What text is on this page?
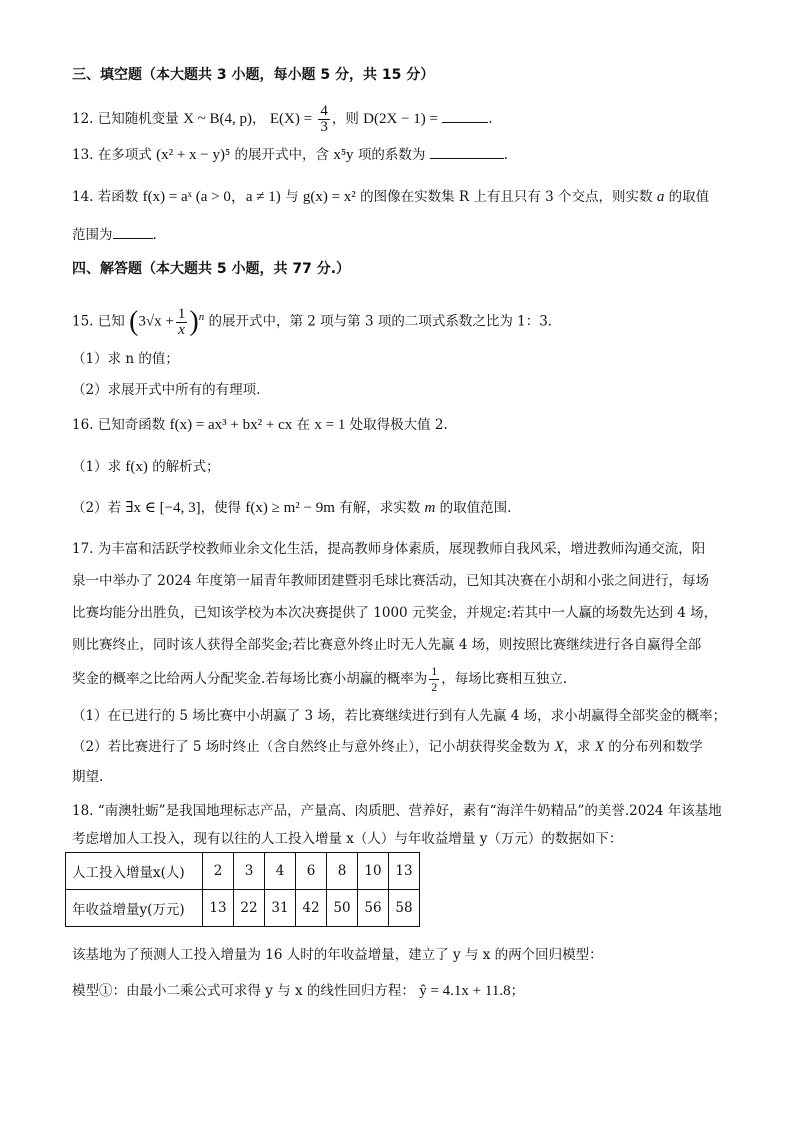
三、填空题（本大题共 3 小题，每小题 5 分，共 15 分）
12. 已知随机变量 X ~ B(4, p)， $E(X) = \frac{4}{3}$ ，则 D(2X − 1) =	.
13. 在多项式 (x² + x − y)⁵ 的展开式中，含 x⁵y 项的系数为	.
14. 若函数 f(x) = aˣ (a > 0，a ≠ 1) 与 g(x) = x² 的图像在实数集 R 上有且只有 3 个交点，则实数 a 的取值
范围为	.
四、解答题（本大题共 5 小题，共 77 分.）
15. 已知 $(3√x + \frac{1}{x} )^n$ 的展开式中，第 2 项与第 3 项的二项式系数之比为 1：3.
（1）求 n 的值；
（2）求展开式中所有的有理项.
16. 已知奇函数 f(x) = ax³ + bx² + cx 在 x = 1 处取得极大值 2.
（1）求 f(x) 的解析式；
（2）若 ∃x ∈ [−4, 3]，使得 f(x) ≥ m² − 9m 有解，求实数 m 的取值范围.
17. 为丰富和活跃学校教师业余文化生活，提高教师身体素质，展现教师自我风采，增进教师沟通交流，阳
泉一中举办了 2024 年度第一届青年教师团建暨羽毛球比赛活动，已知其决赛在小胡和小张之间进行，每场
比赛均能分出胜负，已知该学校为本次决赛提供了 1000 元奖金，并规定:若其中一人赢的场数先达到 4 场，
则比赛终止，同时该人获得全部奖金;若比赛意外终止时无人先赢 4 场，则按照比赛继续进行各自赢得全部
奖金的概率之比给两人分配奖金.若每场比赛小胡赢的概率为 $\frac{1}{2}$ ，每场比赛相互独立.
（1）在已进行的 5 场比赛中小胡赢了 3 场，若比赛继续进行到有人先赢 4 场，求小胡赢得全部奖金的概率；
（2）若比赛进行了 5 场时终止（含自然终止与意外终止），记小胡获得奖金数为 X，求 X 的分布列和数学
期望.
18. “南澳牡蛎”是我国地理标志产品，产量高、肉质肥、营养好，素有“海洋牛奶精品”的美誉.2024 年该基地
考虑增加人工投入，现有以往的人工投入增量 x（人）与年收益增量 y（万元）的数据如下：
人工投入增量x(人)	2	3	4	6	8	10	13
年收益增量y(万元)	13	22	31	42	50	56	58
该基地为了预测人工投入增量为 16 人时的年收益增量，建立了 y 与 x 的两个回归模型：
模型①：由最小二乘公式可求得 y 与 x 的线性回归方程： ŷ = 4.1x + 11.8；
